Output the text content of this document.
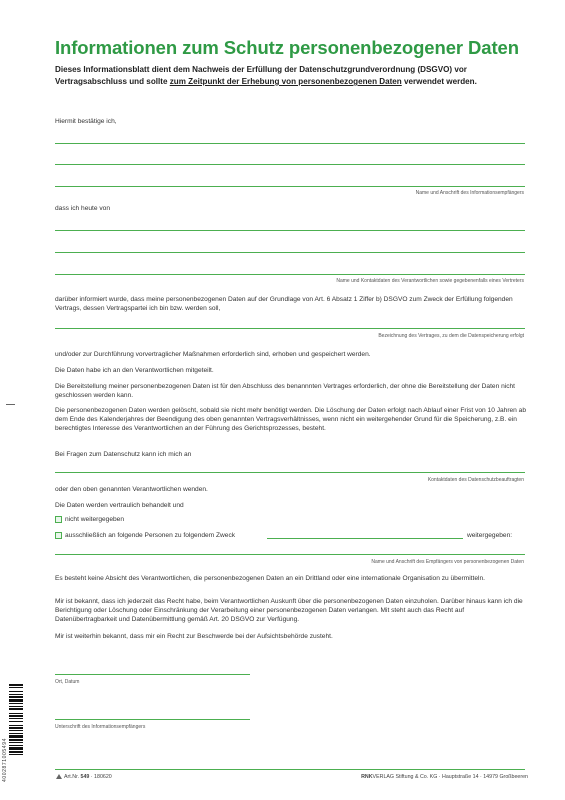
Informationen zum Schutz personenbezogener Daten
Dieses Informationsblatt dient dem Nachweis der Erfüllung der Datenschutzgrundverordnung (DSGVO) vor Vertragsabschluss und sollte zum Zeitpunkt der Erhebung von personenbezogenen Daten verwendet werden.
Hiermit bestätige ich,
Name und Anschrift des Informationsempfängers
dass ich heute von
Name und Kontaktdaten des Verantwortlichen sowie gegebenenfalls eines Vertreters
darüber informiert wurde, dass meine personenbezogenen Daten auf der Grundlage von Art. 6 Absatz 1 Ziffer b) DSGVO zum Zweck der Erfüllung folgenden Vertrags, dessen Vertragspartei ich bin bzw. werden soll,
Bezeichnung des Vertrages, zu dem die Datenspeicherung erfolgt
und/oder zur Durchführung vorvertraglicher Maßnahmen erforderlich sind, erhoben und gespeichert werden.
Die Daten habe ich an den Verantwortlichen mitgeteilt.
Die Bereitstellung meiner personenbezogenen Daten ist für den Abschluss des benannnten Vertrages erforderlich, der ohne die Bereitstellung der Daten nicht geschlossen werden kann.
Die personenbezogenen Daten werden gelöscht, sobald sie nicht mehr benötigt werden. Die Löschung der Daten erfolgt nach Ablauf einer Frist von 10 Jahren ab dem Ende des Kalenderjahres der Beendigung des oben genannten Vertragsverhältnisses, wenn nicht ein weitergehender Grund für die Speicherung, z.B. ein berechtigtes Interesse des Verantwortlichen an der Führung des Gerichtsprozesses, besteht.
Bei Fragen zum Datenschutz kann ich mich an
Kontaktdaten des Datenschutzbeauftragten
oder den oben genannten Verantwortlichen wenden.
Die Daten werden vertraulich behandelt und
nicht weitergegeben
ausschließlich an folgende Personen zu folgendem Zweck	weitergegeben:
Name und Anschrift des Empfängers von personenbezogenen Daten
Es besteht keine Absicht des Verantwortlichen, die personenbezogenen Daten an ein Drittland oder eine internationale Organisation zu übermitteln.
Mir ist bekannt, dass ich jederzeit das Recht habe, beim Verantwortlichen Auskunft über die personenbezogenen Daten einzuholen. Darüber hinaus kann ich die Berichtigung oder Löschung oder Einschränkung der Verarbeitung einer personenbezogenen Daten verlangen. Mit steht auch das Recht auf Datenübertragbarkeit und Datenübermittlung gemäß Art. 20 DSGVO zur Verfügung.
Mir ist weiterhin bekannt, dass mir ein Recht zur Beschwerde bei der Aufsichtsbehörde zusteht.
Ort, Datum
Unterschrift des Informationsempfängers
4002871005494	Art.Nr. 549 · 180620	RNKVERLAG Stiftung & Co. KG · Hauptstraße 14 · 14979 Großbeeren
